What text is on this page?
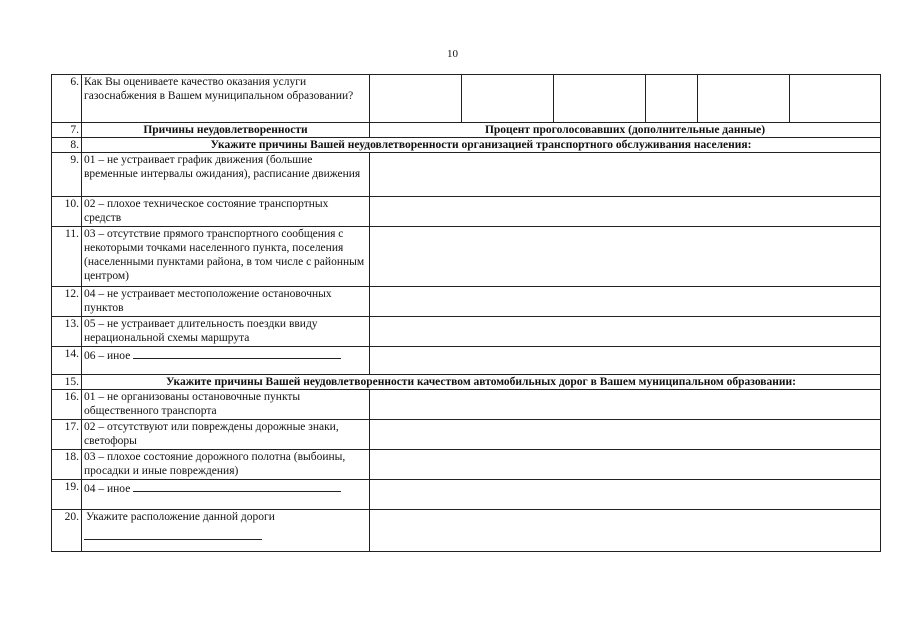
10
6.	Как Вы оцениваете качество оказания услуги газоснабжения в Вашем муниципальном образовании?						
7.	Причины неудовлетворенности	Процент проголосовавших (дополнительные данные)					
8.	Укажите причины Вашей неудовлетворенности организацией транспортного обслуживания населения:						
9.	01 – не устраивает график движения (большие временные интервалы ожидания), расписание движения						
10.	02 – плохое техническое состояние транспортных средств						
11.	03 – отсутствие прямого транспортного сообщения с некоторыми точками населенного пункта, поселения (населенными пунктами района, в том числе с районным центром)						
12.	04 – не устраивает местоположение остановочных пунктов						
13.	05 – не устраивает длительность поездки ввиду нерациональной схемы маршрута						
14.	06 – иное						
15.	Укажите причины Вашей неудовлетворенности качеством автомобильных дорог в Вашем муниципальном образовании:						
16.	01 – не организованы остановочные пункты общественного транспорта						
17.	02 – отсутствуют или повреждены дорожные знаки, светофоры						
18.	03 – плохое состояние дорожного полотна (выбоины, просадки и иные повреждения)						
19.	04 – иное						
20.	Укажите расположение данной дороги						
